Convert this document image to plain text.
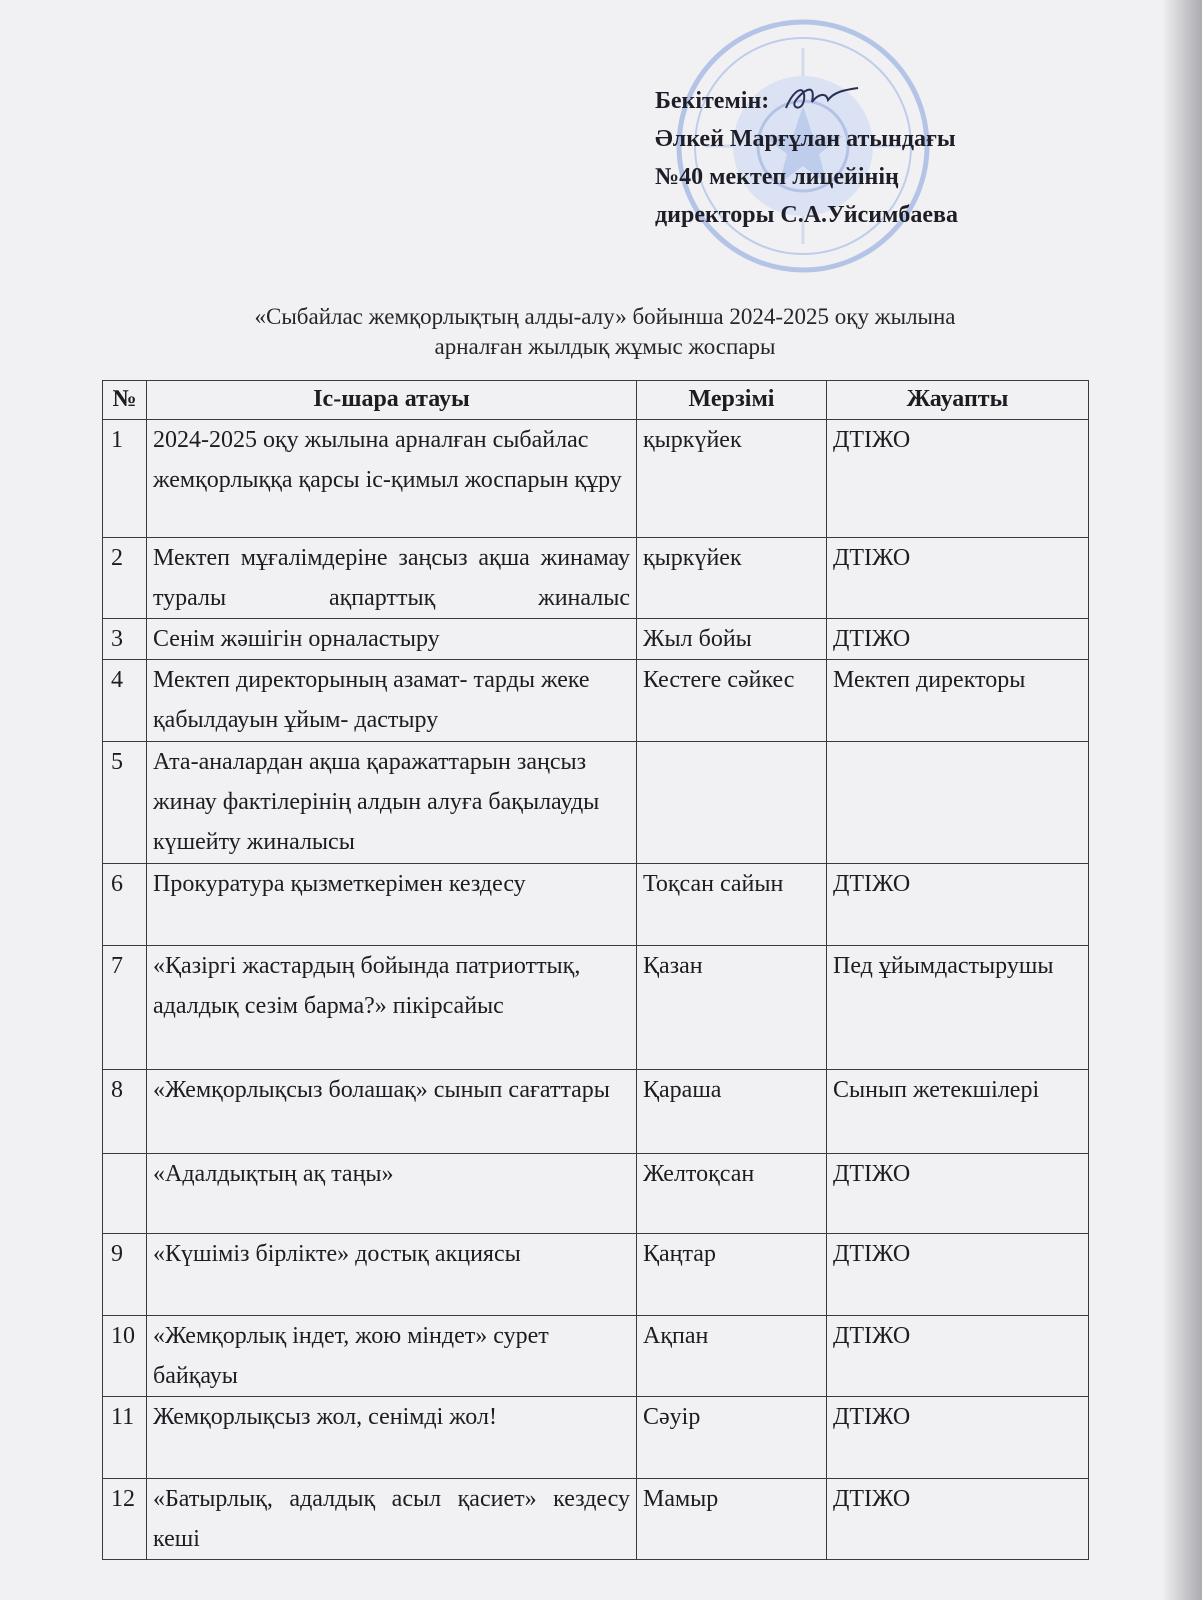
Бекітемін:
Әлкей Марғұлан атындағы
№40 мектеп лицейінің
директоры С.А.Уйсимбаева
«Сыбайлас жемқорлықтың алды-алу» бойынша 2024-2025 оқу жылына
арналған жылдық жұмыс жоспары
№	Іс-шара атауы	Мерзімі	Жауапты
1	2024-2025 оқу жылына арналған сыбайлас жемқорлыққа қарсы іс-қимыл жоспарын құру	қыркүйек	ДТІЖО
2	Мектеп мұғалімдеріне заңсыз ақша жинамау туралы ақпарттық жиналыс	қыркүйек	ДТІЖО
3	Сенім жәшігін орналастыру	Жыл бойы	ДТІЖО
4	Мектеп директорының азамат- тарды жеке қабылдауын ұйым- дастыру	Кестеге сәйкес	Мектеп директоры
5	Ата-аналардан ақша қаражаттарын заңсыз жинау фактілерінің алдын алуға бақылауды күшейту жиналысы		
6	Прокуратура қызметкерімен кездесу	Тоқсан сайын	ДТІЖО
7	«Қазіргі жастардың бойында патриоттық, адалдық сезім барма?» пікірсайыс	Қазан	Пед ұйымдастырушы
8	«Жемқорлықсыз болашақ» сынып сағаттары	Қараша	Сынып жетекшілері
	«Адалдықтың ақ таңы»	Желтоқсан	ДТІЖО
9	«Күшіміз бірлікте» достық акциясы	Қаңтар	ДТІЖО
10	«Жемқорлық індет, жою міндет» сурет байқауы	Ақпан	ДТІЖО
11	Жемқорлықсыз жол, сенімді жол!	Сәуір	ДТІЖО
12	«Батырлық, адалдық асыл қасиет» кездесу кеші	Мамыр	ДТІЖО
